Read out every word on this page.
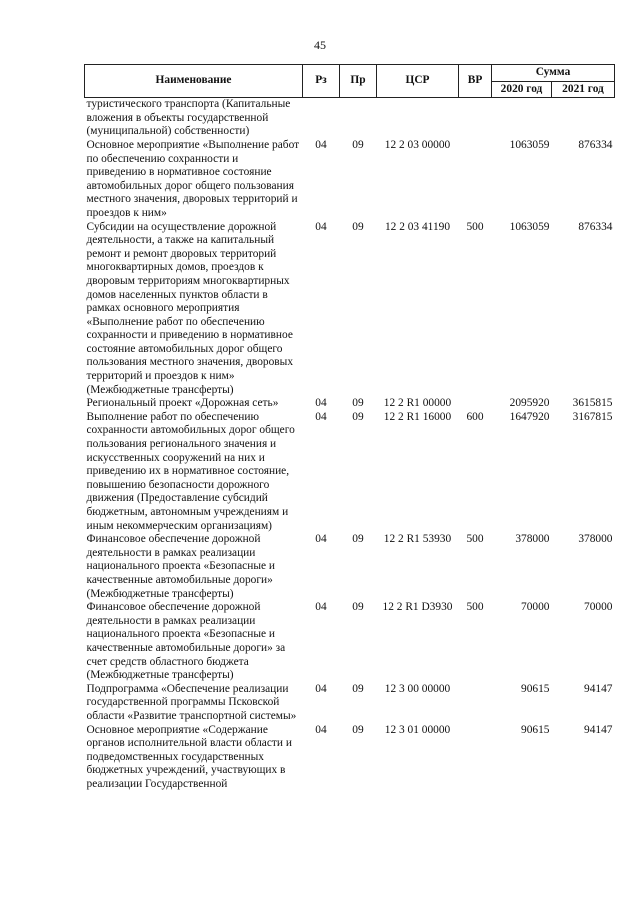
45
Наименование	Рз	Пр	ЦСР	ВР	Сумма	
					2020 год	2021 год
туристического транспорта (Капитальные вложения в объекты государственной (муниципальной) собственности)						
Основное мероприятие «Выполнение работ по обеспечению сохранности и приведению в нормативное состояние автомобильных дорог общего пользования местного значения, дворовых территорий и проездов к ним»	04	09	12 2 03 00000		1063059	876334
Субсидии на осуществление дорожной деятельности, а также на капитальный ремонт и ремонт дворовых территорий многоквартирных домов, проездов к дворовым территориям многоквартирных домов населенных пунктов области в рамках основного мероприятия «Выполнение работ по обеспечению сохранности и приведению в нормативное состояние автомобильных дорог общего пользования местного значения, дворовых территорий и проездов к ним» (Межбюджетные трансферты)	04	09	12 2 03 41190	500	1063059	876334
Региональный проект «Дорожная сеть»	04	09	12 2 R1 00000		2095920	3615815
Выполнение работ по обеспечению сохранности автомобильных дорог общего пользования регионального значения и искусственных сооружений на них и приведению их в нормативное состояние, повышению безопасности дорожного движения (Предоставление субсидий бюджетным, автономным учреждениям и иным некоммерческим организациям)	04	09	12 2 R1 16000	600	1647920	3167815
Финансовое обеспечение дорожной деятельности в рамках реализации национального проекта «Безопасные и качественные автомобильные дороги» (Межбюджетные трансферты)	04	09	12 2 R1 53930	500	378000	378000
Финансовое обеспечение дорожной деятельности в рамках реализации национального проекта «Безопасные и качественные автомобильные дороги» за счет средств областного бюджета (Межбюджетные трансферты)	04	09	12 2 R1 D3930	500	70000	70000
Подпрограмма «Обеспечение реализации государственной программы Псковской области «Развитие транспортной системы»	04	09	12 3 00 00000		90615	94147
Основное мероприятие «Содержание органов исполнительной власти области и подведомственных государственных бюджетных учреждений, участвующих в реализации Государственной	04	09	12 3 01 00000		90615	94147
